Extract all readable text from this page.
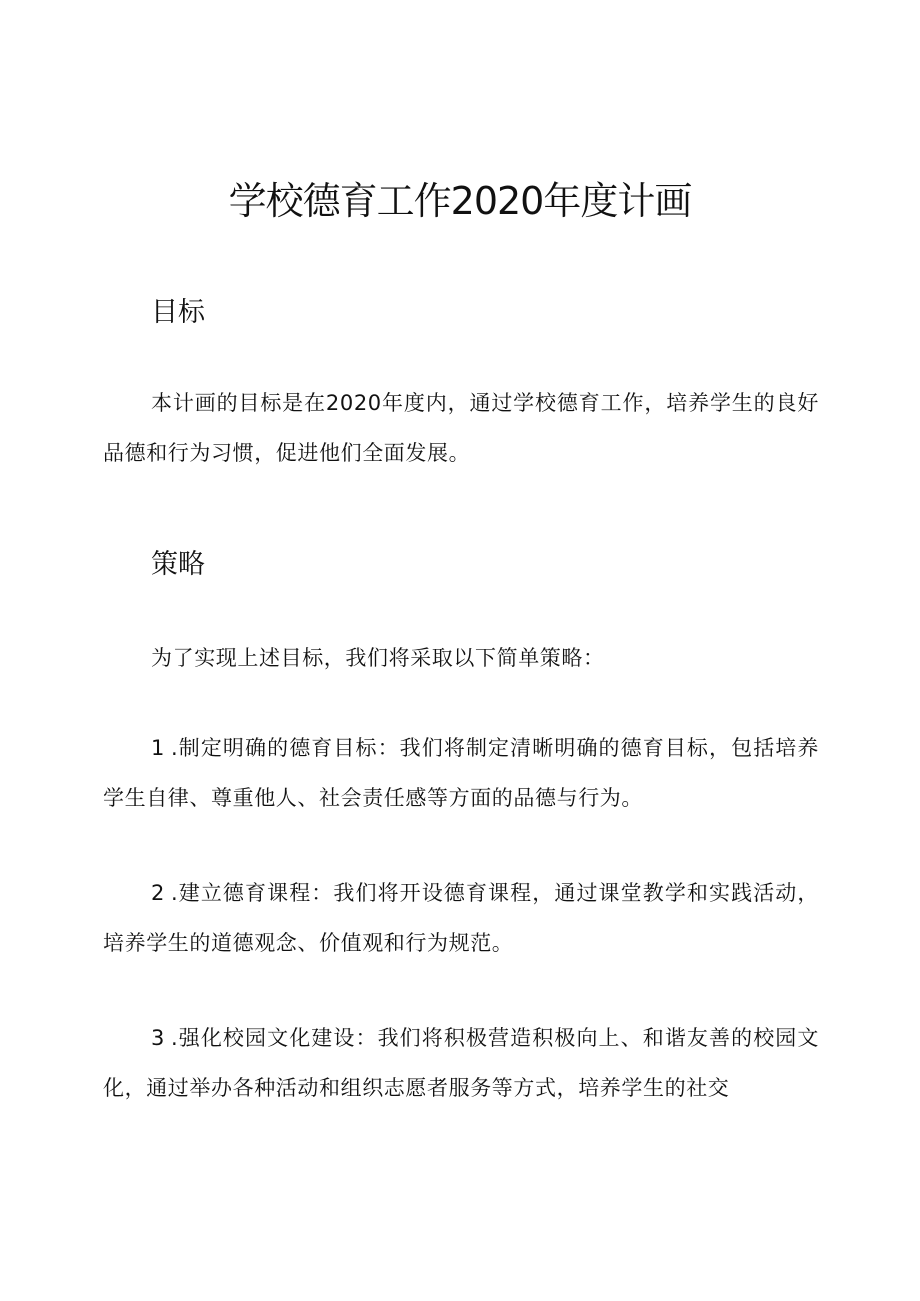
学校德育工作2020年度计画
目标

本计画的目标是在2020年度内，通过学校德育工作，培养学生的良好品德和行为习惯，促进他们全面发展。

策略

为了实现上述目标，我们将采取以下简单策略：

1 .制定明确的德育目标：我们将制定清晰明确的德育目标，包括培养学生自律、尊重他人、社会责任感等方面的品德与行为。

2 .建立德育课程：我们将开设德育课程，通过课堂教学和实践活动，培养学生的道德观念、价值观和行为规范。

3 .强化校园文化建设：我们将积极营造积极向上、和谐友善的校园文化，通过举办各种活动和组织志愿者服务等方式，培养学生的社交
